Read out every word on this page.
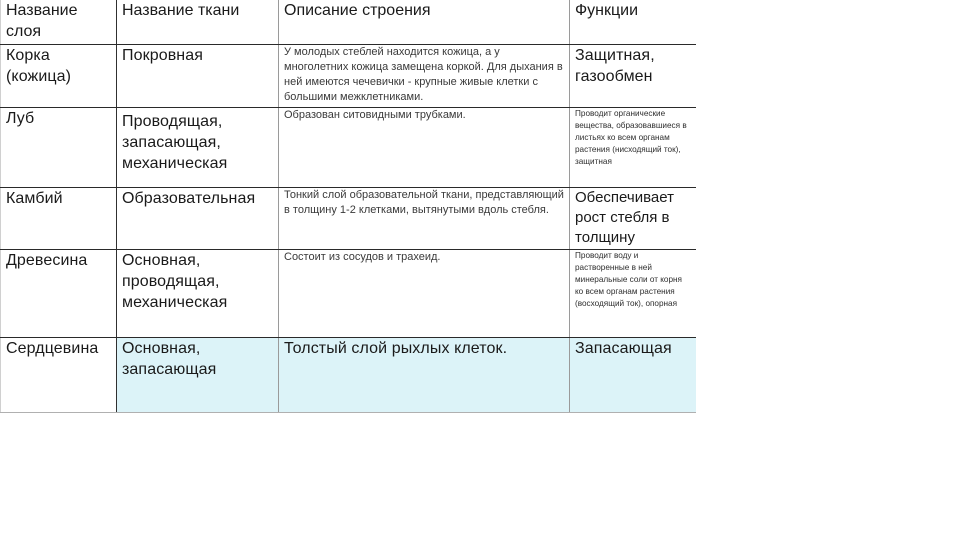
Название слоя	Название ткани	Описание строения	Функции
Корка (кожица)	Покровная	У молодых стеблей находится кожица, а у многолетних кожица замещена коркой. Для дыхания в ней имеются чечевички - крупные живые клетки с большими межклетниками.	Защитная, газообмен
Луб	Проводящая, запасающая, механическая	Образован ситовидными трубками.	Проводит органические вещества, образовавшиеся в листьях ко всем органам растения (нисходящий ток), защитная
Камбий	Образовательная	Тонкий слой образовательной ткани, представляющий в толщину 1-2 клетками, вытянутыми вдоль стебля.	Обеспечивает рост стебля в толщину
Древесина	Основная, проводящая, механическая	Состоит из сосудов и трахеид.	Проводит воду и растворенные в ней минеральные соли от корня ко всем органам растения (восходящий ток), опорная
Сердцевина	Основная, запасающая	Толстый слой рыхлых клеток.	Запасающая
